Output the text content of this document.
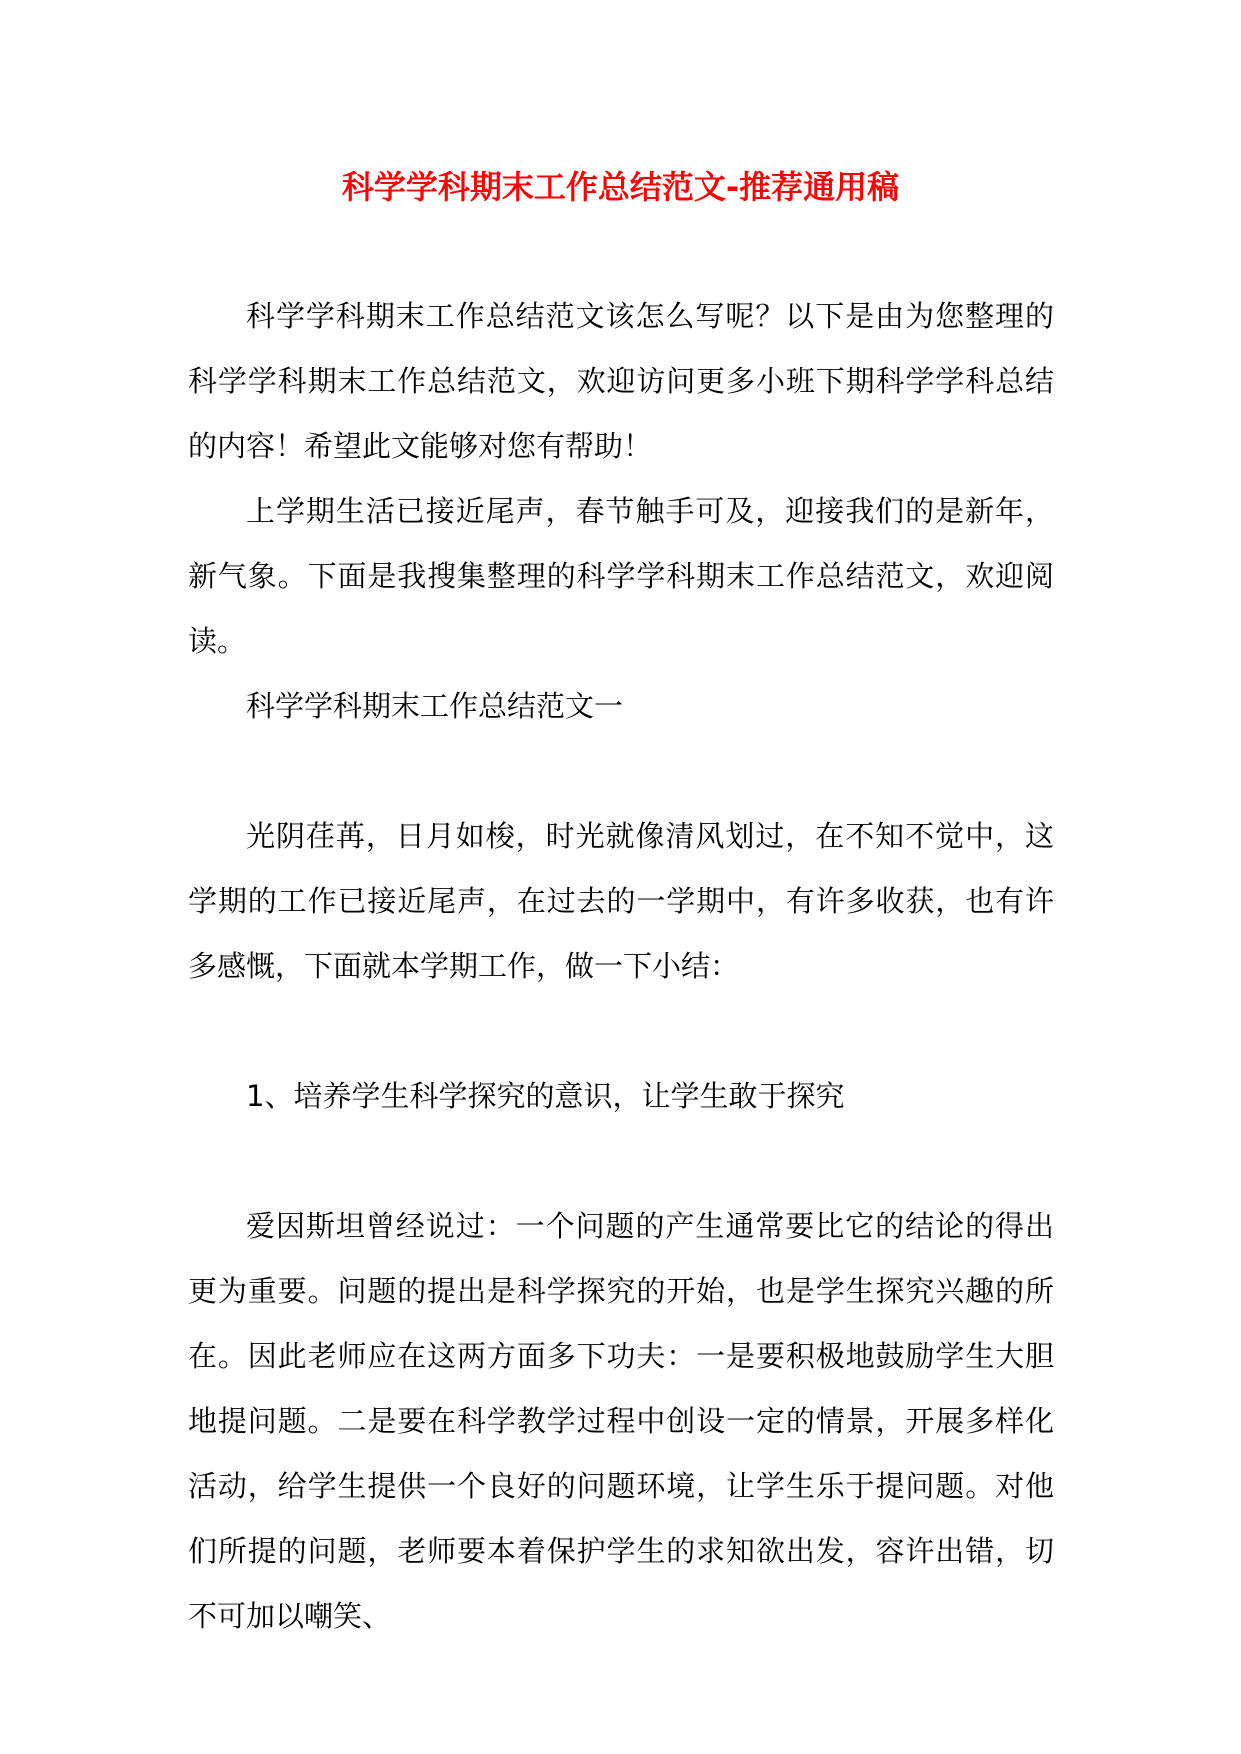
科学学科期末工作总结范文-推荐通用稿

科学学科期末工作总结范文该怎么写呢？以下是由为您整理的科学学科期末工作总结范文，欢迎访问更多小班下期科学学科总结的内容！希望此文能够对您有帮助！

上学期生活已接近尾声，春节触手可及，迎接我们的是新年，新气象。下面是我搜集整理的科学学科期末工作总结范文，欢迎阅读。

科学学科期末工作总结范文一

光阴荏苒，日月如梭，时光就像清风划过，在不知不觉中，这学期的工作已接近尾声，在过去的一学期中，有许多收获，也有许多感慨，下面就本学期工作，做一下小结：

1、培养学生科学探究的意识，让学生敢于探究

爱因斯坦曾经说过：一个问题的产生通常要比它的结论的得出更为重要。问题的提出是科学探究的开始，也是学生探究兴趣的所在。因此老师应在这两方面多下功夫：一是要积极地鼓励学生大胆地提问题。二是要在科学教学过程中创设一定的情景，开展多样化活动，给学生提供一个良好的问题环境，让学生乐于提问题。对他们所提的问题，老师要本着保护学生的求知欲出发，容许出错，切不可加以嘲笑、
